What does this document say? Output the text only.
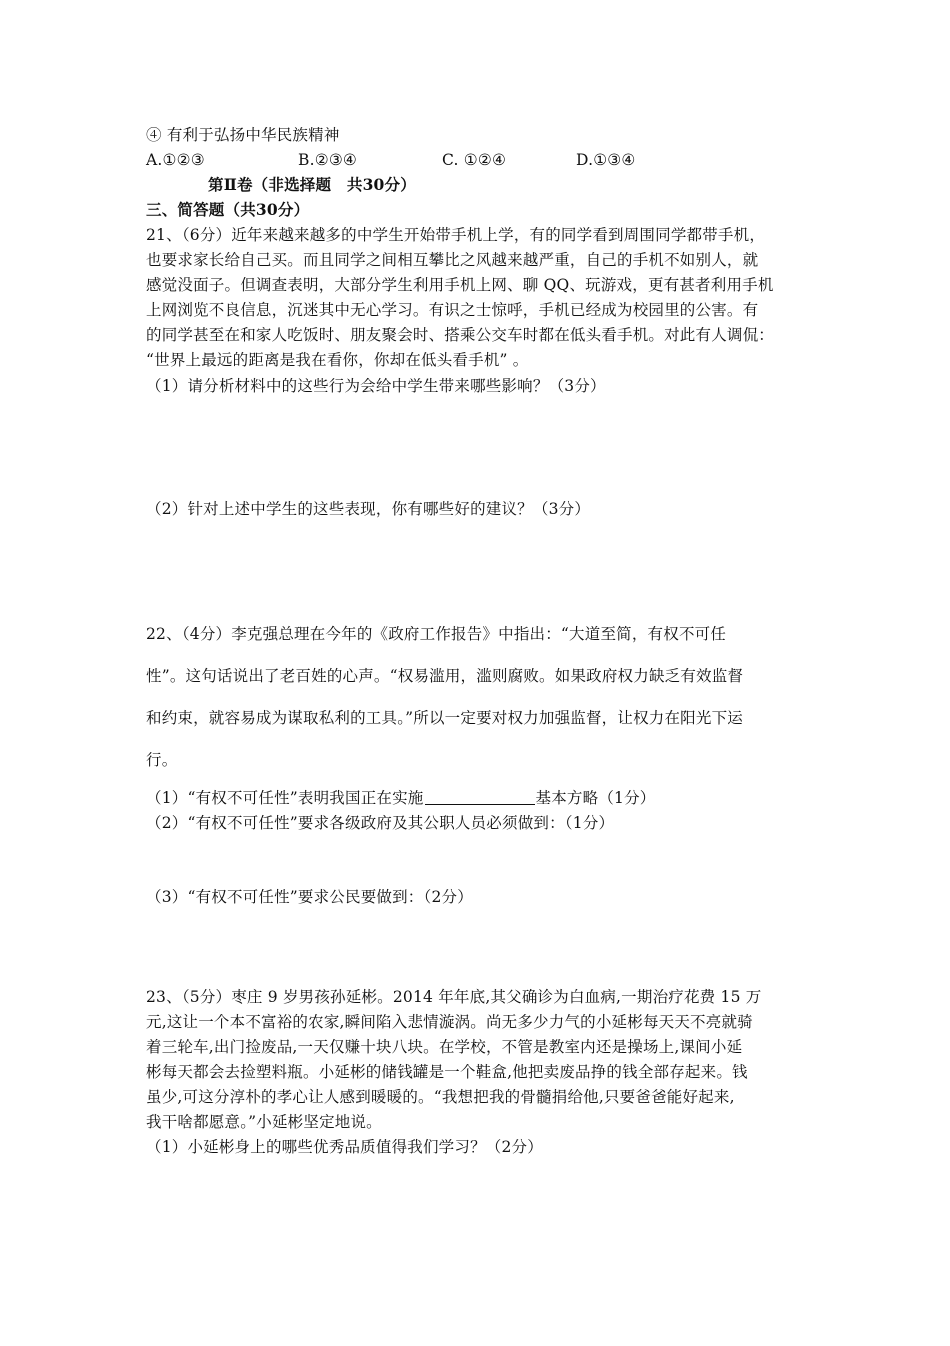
④ 有利于弘扬中华民族精神
A.①②③	B.②③④	C. ①②④	D.①③④
第Ⅱ卷（非选择题　共30分）
三、简答题（共30分）
21、（6分）近年来越来越多的中学生开始带手机上学，有的同学看到周围同学都带手机，
也要求家长给自己买。而且同学之间相互攀比之风越来越严重，自己的手机不如别人，就
感觉没面子。但调查表明，大部分学生利用手机上网、聊 QQ、玩游戏，更有甚者利用手机
上网浏览不良信息，沉迷其中无心学习。有识之士惊呼，手机已经成为校园里的公害。有
的同学甚至在和家人吃饭时、朋友聚会时、搭乘公交车时都在低头看手机。对此有人调侃：
“世界上最远的距离是我在看你，你却在低头看手机” 。
（1）请分析材料中的这些行为会给中学生带来哪些影响？（3分）
（2）针对上述中学生的这些表现，你有哪些好的建议？（3分）
22、（4分）李克强总理在今年的《政府工作报告》中指出：“大道至简，有权不可任
性”。这句话说出了老百姓的心声。“权易滥用，滥则腐败。如果政府权力缺乏有效监督
和约束，就容易成为谋取私利的工具。”所以一定要对权力加强监督，让权力在阳光下运
行。
（1）“有权不可任性”表明我国正在实施	基本方略（1分）
（2）“有权不可任性”要求各级政府及其公职人员必须做到：（1分）
（3）“有权不可任性”要求公民要做到：（2分）
23、（5分）枣庄 9 岁男孩孙延彬。2014 年年底,其父确诊为白血病,一期治疗花费 15 万
元,这让一个本不富裕的农家,瞬间陷入悲情漩涡。尚无多少力气的小延彬每天天不亮就骑
着三轮车,出门捡废品,一天仅赚十块八块。在学校，不管是教室内还是操场上,课间小延
彬每天都会去捡塑料瓶。小延彬的储钱罐是一个鞋盒,他把卖废品挣的钱全部存起来。钱
虽少,可这分淳朴的孝心让人感到暖暖的。“我想把我的骨髓捐给他,只要爸爸能好起来,
我干啥都愿意。”小延彬坚定地说。
（1）小延彬身上的哪些优秀品质值得我们学习？（2分）
